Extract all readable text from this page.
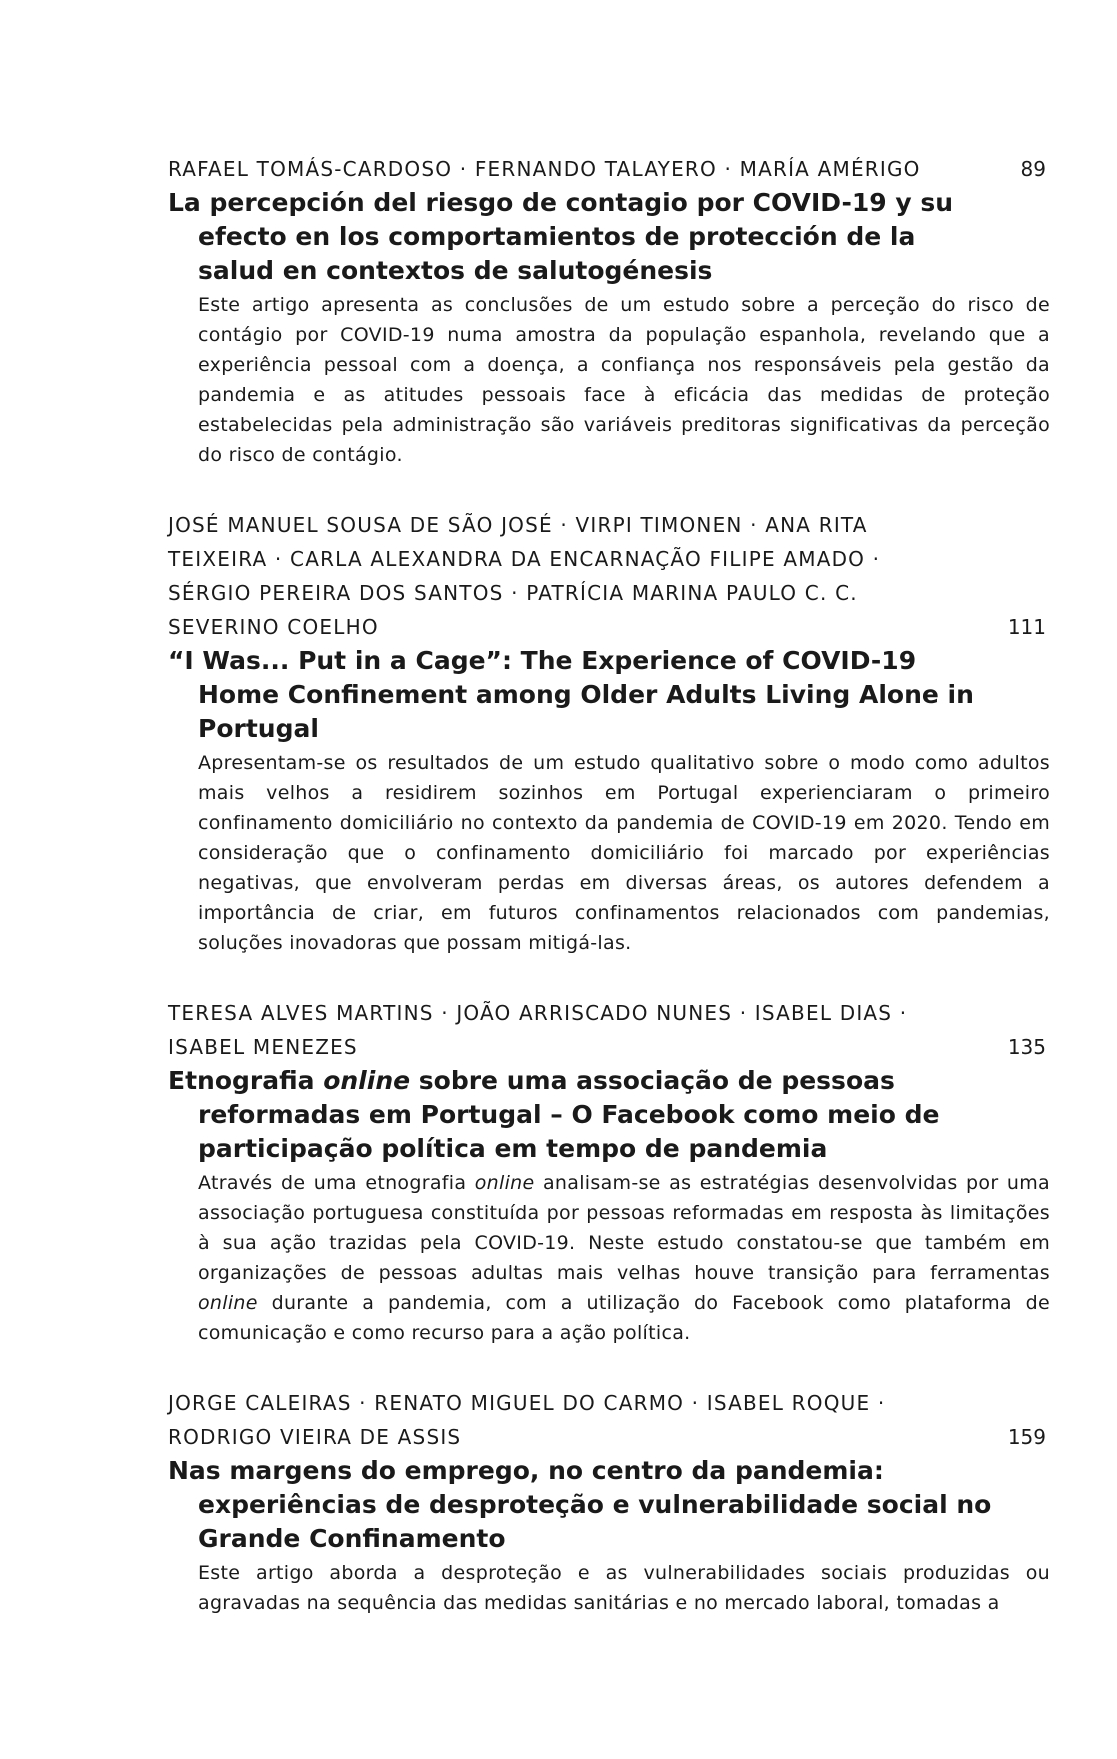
RAFAEL TOMÁS-CARDOSO · FERNANDO TALAYERO · MARÍA AMÉRIGO	89
La percepción del riesgo de contagio por COVID-19 y su efecto en los comportamientos de protección de la salud en contextos de salutogénesis

Este artigo apresenta as conclusões de um estudo sobre a perceção do risco de contágio por COVID-19 numa amostra da população espanhola, revelando que a experiência pessoal com a doença, a confiança nos responsáveis pela gestão da pandemia e as atitudes pessoais face à eficácia das medidas de proteção estabelecidas pela administração são variáveis preditoras significativas da perceção do risco de contágio.

JOSÉ MANUEL SOUSA DE SÃO JOSÉ · VIRPI TIMONEN · ANA RITA TEIXEIRA · CARLA ALEXANDRA DA ENCARNAÇÃO FILIPE AMADO · SÉRGIO PEREIRA DOS SANTOS · PATRÍCIA MARINA PAULO C. C. SEVERINO COELHO	111
“I Was... Put in a Cage”: The Experience of COVID-19 Home Confinement among Older Adults Living Alone in Portugal

Apresentam-se os resultados de um estudo qualitativo sobre o modo como adultos mais velhos a residirem sozinhos em Portugal experienciaram o primeiro confinamento domiciliário no contexto da pandemia de COVID-19 em 2020. Tendo em consideração que o confinamento domiciliário foi marcado por experiências negativas, que envolveram perdas em diversas áreas, os autores defendem a importância de criar, em futuros confinamentos relacionados com pandemias, soluções inovadoras que possam mitigá-las.

TERESA ALVES MARTINS · JOÃO ARRISCADO NUNES · ISABEL DIAS · ISABEL MENEZES	135
Etnografia online sobre uma associação de pessoas reformadas em Portugal – O Facebook como meio de participação política em tempo de pandemia

Através de uma etnografia online analisam-se as estratégias desenvolvidas por uma associação portuguesa constituída por pessoas reformadas em resposta às limitações à sua ação trazidas pela COVID-19. Neste estudo constatou-se que também em organizações de pessoas adultas mais velhas houve transição para ferramentas online durante a pandemia, com a utilização do Facebook como plataforma de comunicação e como recurso para a ação política.

JORGE CALEIRAS · RENATO MIGUEL DO CARMO · ISABEL ROQUE · RODRIGO VIEIRA DE ASSIS	159
Nas margens do emprego, no centro da pandemia: experiências de desproteção e vulnerabilidade social no Grande Confinamento

Este artigo aborda a desproteção e as vulnerabilidades sociais produzidas ou agravadas na sequência das medidas sanitárias e no mercado laboral, tomadas a
